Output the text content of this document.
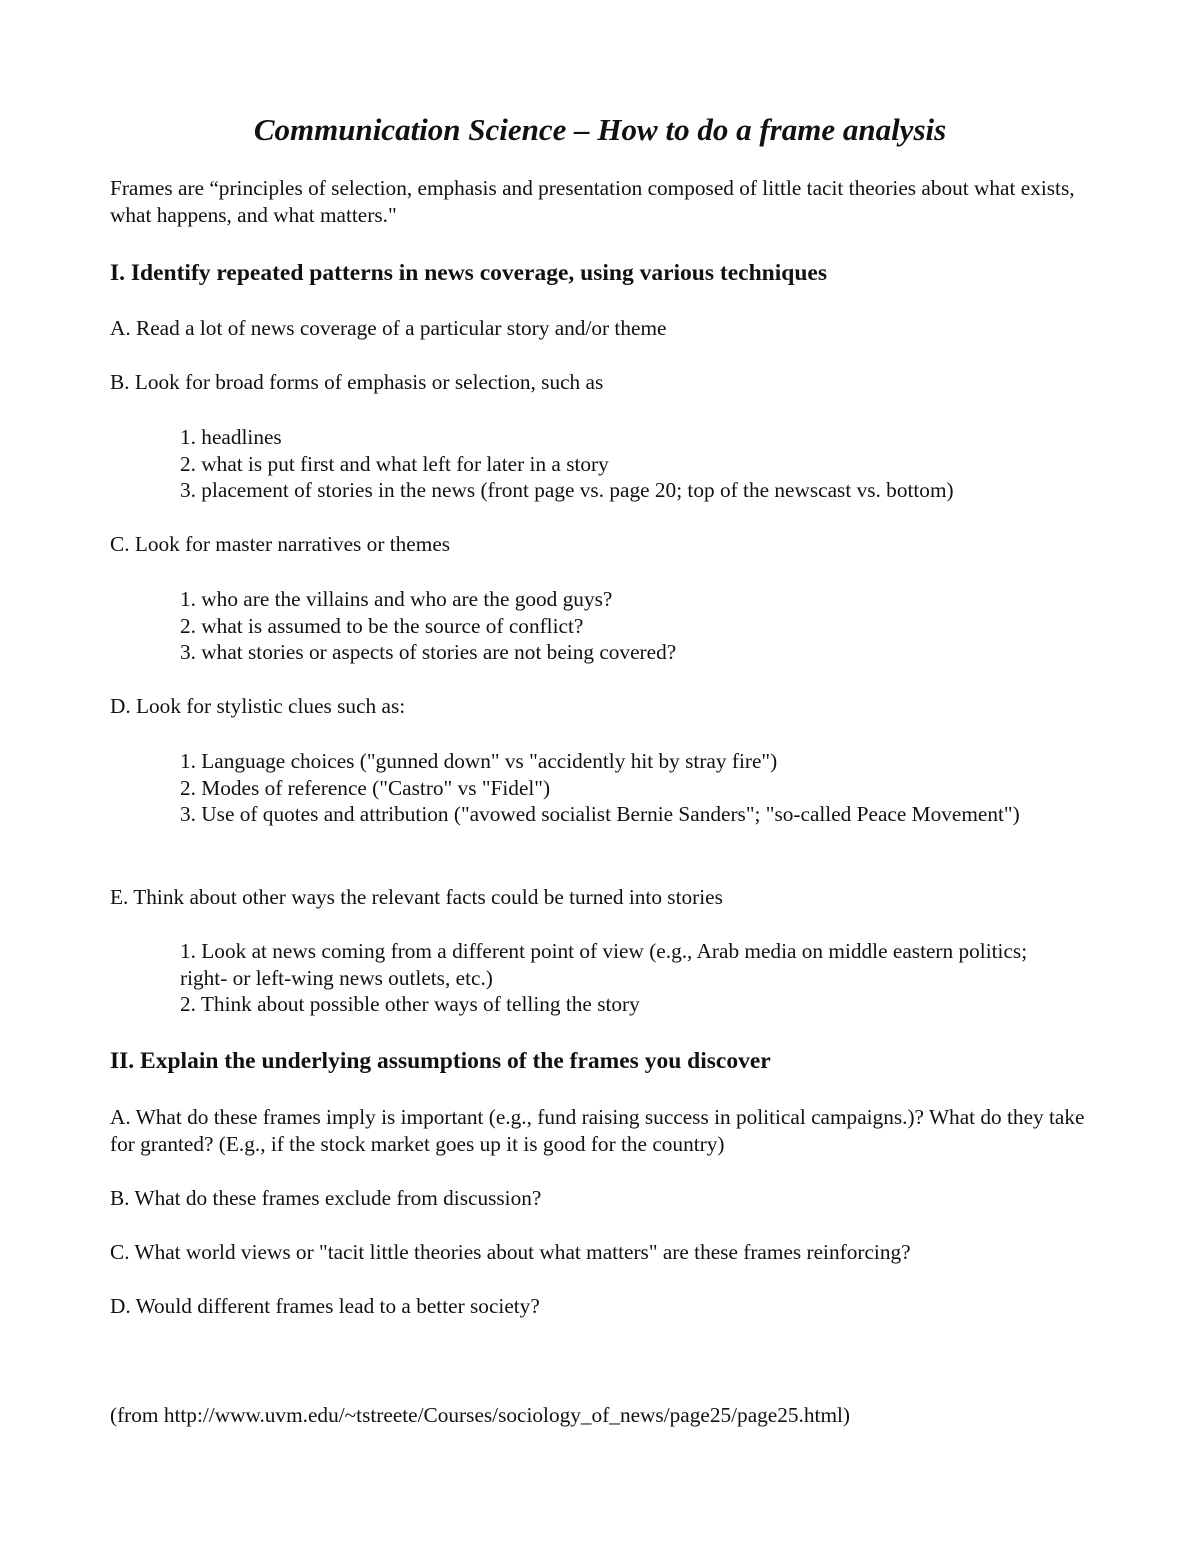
Communication Science – How to do a frame analysis

Frames are “principles of selection, emphasis and presentation composed of little tacit theories about what exists, what happens, and what matters."

I. Identify repeated patterns in news coverage, using various techniques

A. Read a lot of news coverage of a particular story and/or theme

B. Look for broad forms of emphasis or selection, such as

1. headlines
2. what is put first and what left for later in a story
3. placement of stories in the news (front page vs. page 20; top of the newscast vs. bottom)

C. Look for master narratives or themes

1. who are the villains and who are the good guys?
2. what is assumed to be the source of conflict?
3. what stories or aspects of stories are not being covered?

D. Look for stylistic clues such as:

1. Language choices ("gunned down" vs "accidently hit by stray fire")
2. Modes of reference ("Castro" vs "Fidel")
3. Use of quotes and attribution ("avowed socialist Bernie Sanders"; "so-called Peace Movement")

E. Think about other ways the relevant facts could be turned into stories

1. Look at news coming from a different point of view (e.g., Arab media on middle eastern politics; right- or left-wing news outlets, etc.)
2. Think about possible other ways of telling the story
II. Explain the underlying assumptions of the frames you discover

A. What do these frames imply is important (e.g., fund raising success in political campaigns.)? What do they take for granted? (E.g., if the stock market goes up it is good for the country)

B. What do these frames exclude from discussion?

C. What world views or "tacit little theories about what matters" are these frames reinforcing?

D. Would different frames lead to a better society?

(from http://www.uvm.edu/~tstreete/Courses/sociology_of_news/page25/page25.html)
